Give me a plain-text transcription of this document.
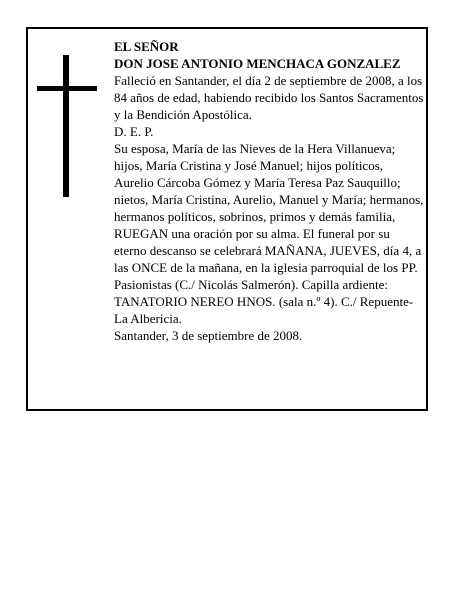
EL SEÑOR

DON JOSE ANTONIO MENCHACA GONZALEZ

Falleció en Santander, el día 2 de septiembre de 2008, a los 84 años de edad, habiendo recibido los Santos Sacramentos y la Bendición Apostólica.

D. E. P.

Su esposa, María de las Nieves de la Hera Villanueva; hijos, María Cristina y José Manuel; hijos políticos, Aurelio Cárcoba Gómez y María Teresa Paz Sauquillo; nietos, María Cristina, Aurelio, Manuel y María; hermanos, hermanos políticos, sobrinos, primos y demás familia,

RUEGAN una oración por su alma. El funeral por su eterno descanso se celebrará MAÑANA, JUEVES, día 4, a las ONCE de la mañana, en la iglesia parroquial de los PP. Pasionistas (C./ Nicolás Salmerón). Capilla ardiente: TANATORIO NEREO HNOS. (sala n.º 4). C./ Repuente-La Albericia.

Santander, 3 de septiembre de 2008.
